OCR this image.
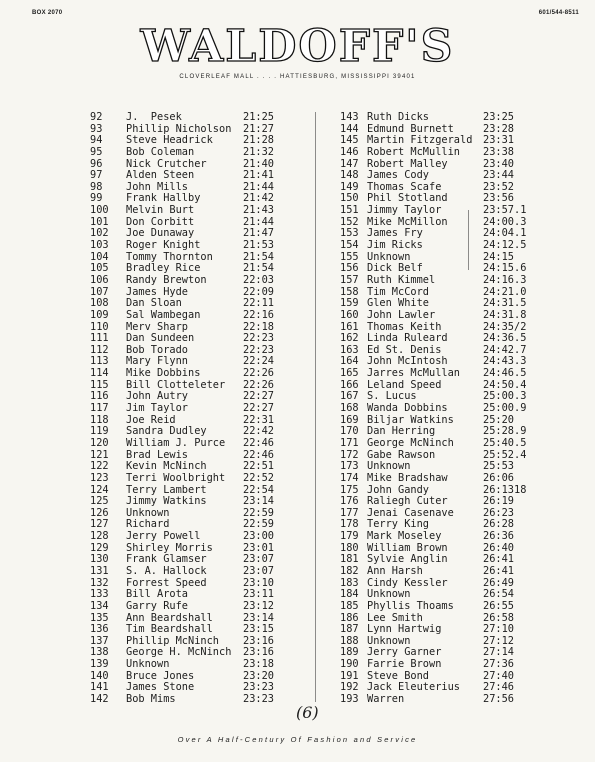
BOX 2070	601/544-8511
WALDOFF'S
CLOVERLEAF MALL . . . . HATTIESBURG, MISSISSIPPI 39401
92 J.  Pesek	21:25
93 Phillip Nicholson 21:27
94 Steve Headrick	21:28
95 Bob Coleman	21:32
96 Nick Crutcher	21:40
97 Alden Steen	21:41
98 John Mills	21:44
99 Frank Hallby	21:42
100 Melvin Burt	21:43
101 Don Corbitt	21:44
102 Joe Dunaway	21:47
103 Roger Knight	21:53
104 Tommy Thornton	21:54
105 Bradley Rice	21:54
106 Randy Brewton	22:03
107 James Hyde	22:09
108 Dan Sloan	22:11
109 Sal Wambegan	22:16
110 Merv Sharp	22:18
111 Dan Sundeen	22:23
112 Bob Torado	22:23
113 Mary Flynn	22:24
114 Mike Dobbins	22:26
115 Bill Clotteleter 22:26
116 John Autry	22:27
117 Jim Taylor	22:27
118 Joe Reid	22:31
119 Sandra Dudley	22:42
120 William J. Purce 22:46
121 Brad Lewis	22:46
122 Kevin McNinch	22:51
123 Terri Woolbright 22:52
124 Terry Lambert	22:54
125 Jimmy Watkins	23:14
126 Unknown	22:59
127 Richard	22:59
128 Jerry Powell	23:00
129 Shirley Morris	23:01
130 Frank Glamser	23:07
131 S. A. Hallock	23:07
132 Forrest Speed	23:10
133 Bill Arota	23:11
134 Garry Rufe	23:12
135 Ann Beardshall	23:14
136 Tim Beardshall	23:15
137 Phillip McNinch 23:16
138 George H. McNinch 23:16
139 Unknown	23:18
140 Bruce Jones	23:20
141 James Stone	23:23
142 Bob Mims	23:23
143 Ruth Dicks	23:25
144 Edmund Burnett	23:28
145 Martin Fitzgerald 23:31
146 Robert McMullin 23:38
147 Robert Malley	23:40
148 James Cody	23:44
149 Thomas Scafe	23:52
150 Phil Stotland	23:56
151 Jimmy Taylor	23:57.1
152 Mike McMillon	24:00.3
153 James Fry	24:04.1
154 Jim Ricks	24:12.5
155 Unknown	24:15
156 Dick Belf	24:15.6
157 Ruth Kimmel	24:16.3
158 Tim McCord	24:21.0
159 Glen White	24:31.5
160 John Lawler	24:31.8
161 Thomas Keith	24:35/2
162 Linda Ruleard	24:36.5
163 Ed St. Denis	24:42.7
164 John McIntosh	24:43.3
165 Jarres McMullan 24:46.5
166 Leland Speed	24:50.4
167 S. Lucus	25:00.3
168 Wanda Dobbins	25:00.9
169 Biljar Watkins	25:20
170 Dan Herring	25:28.9
171 George McNinch	25:40.5
172 Gabe Rawson	25:52.4
173 Unknown	25:53
174 Mike Bradshaw	26:06
175 John Gandy	26:1318
176 Raliegh Cuter	26:19
177 Jenai Casenave	26:23
178 Terry King	26:28
179 Mark Moseley	26:36
180 William Brown	26:40
181 Sylvie Anglin	26:41
182 Ann Harsh	26:41
183 Cindy Kessler	26:49
184 Unknown	26:54
185 Phyllis Thoams	26:55
186 Lee Smith	26:58
187 Lynn Hartwig	27:10
188 Unknown	27:12
189 Jerry Garner	27:14
190 Farrie Brown	27:36
191 Steve Bond	27:40
192 Jack Eleuterius 27:46
193 Warren	27:56
(6)
Over A Half-Century Of Fashion and Service
